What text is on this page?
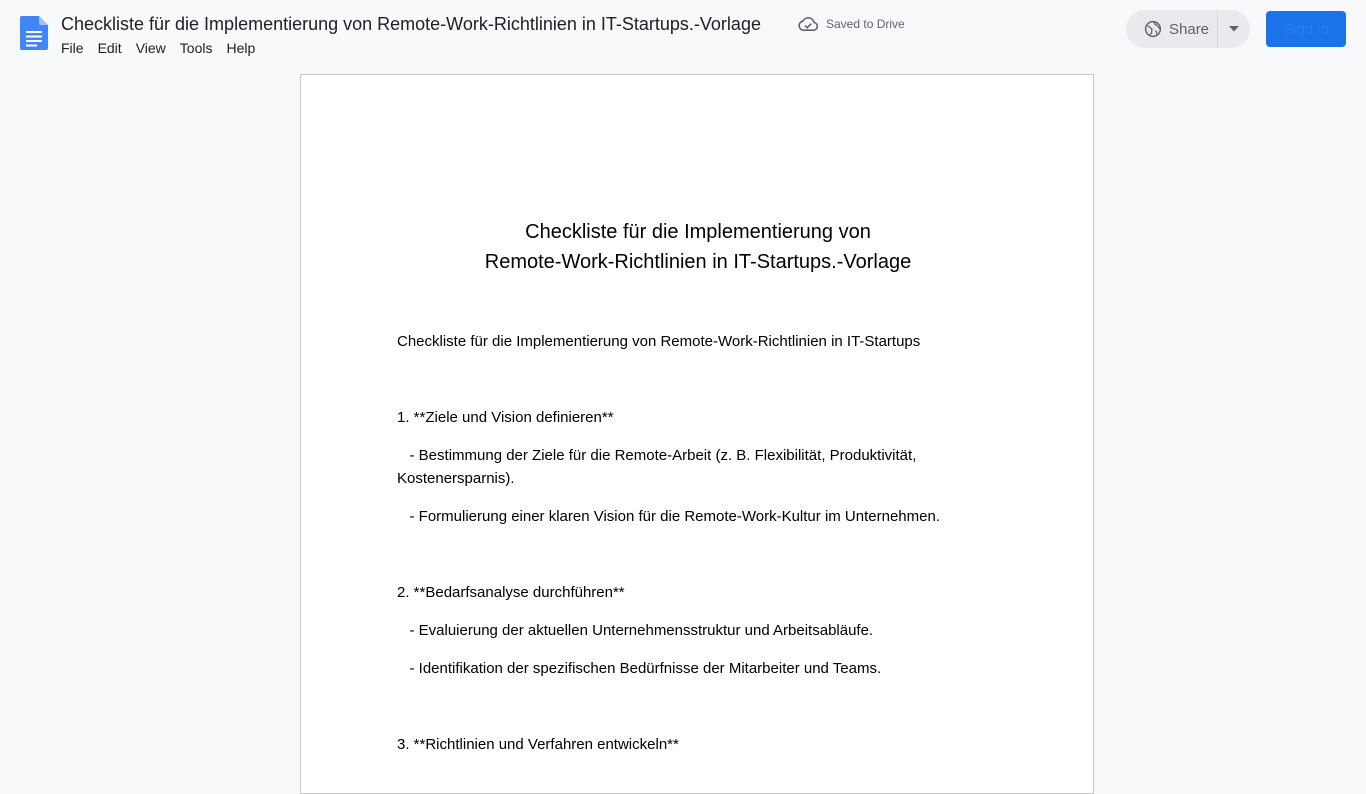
Checkliste für die Implementierung von Remote-Work-Richtlinien in IT-Startups.-Vorlage	Saved to Drive
File	Edit	View	Tools	Help
Share	Sign in
Checkliste für die Implementierung von
Remote-Work-Richtlinien in IT-Startups.-Vorlage
Checkliste für die Implementierung von Remote-Work-Richtlinien in IT-Startups
1. **Ziele und Vision definieren**
- Bestimmung der Ziele für die Remote-Arbeit (z. B. Flexibilität, Produktivität, Kostenersparnis).
- Formulierung einer klaren Vision für die Remote-Work-Kultur im Unternehmen.
2. **Bedarfsanalyse durchführen**
- Evaluierung der aktuellen Unternehmensstruktur und Arbeitsabläufe.
- Identifikation der spezifischen Bedürfnisse der Mitarbeiter und Teams.
3. **Richtlinien und Verfahren entwickeln**
